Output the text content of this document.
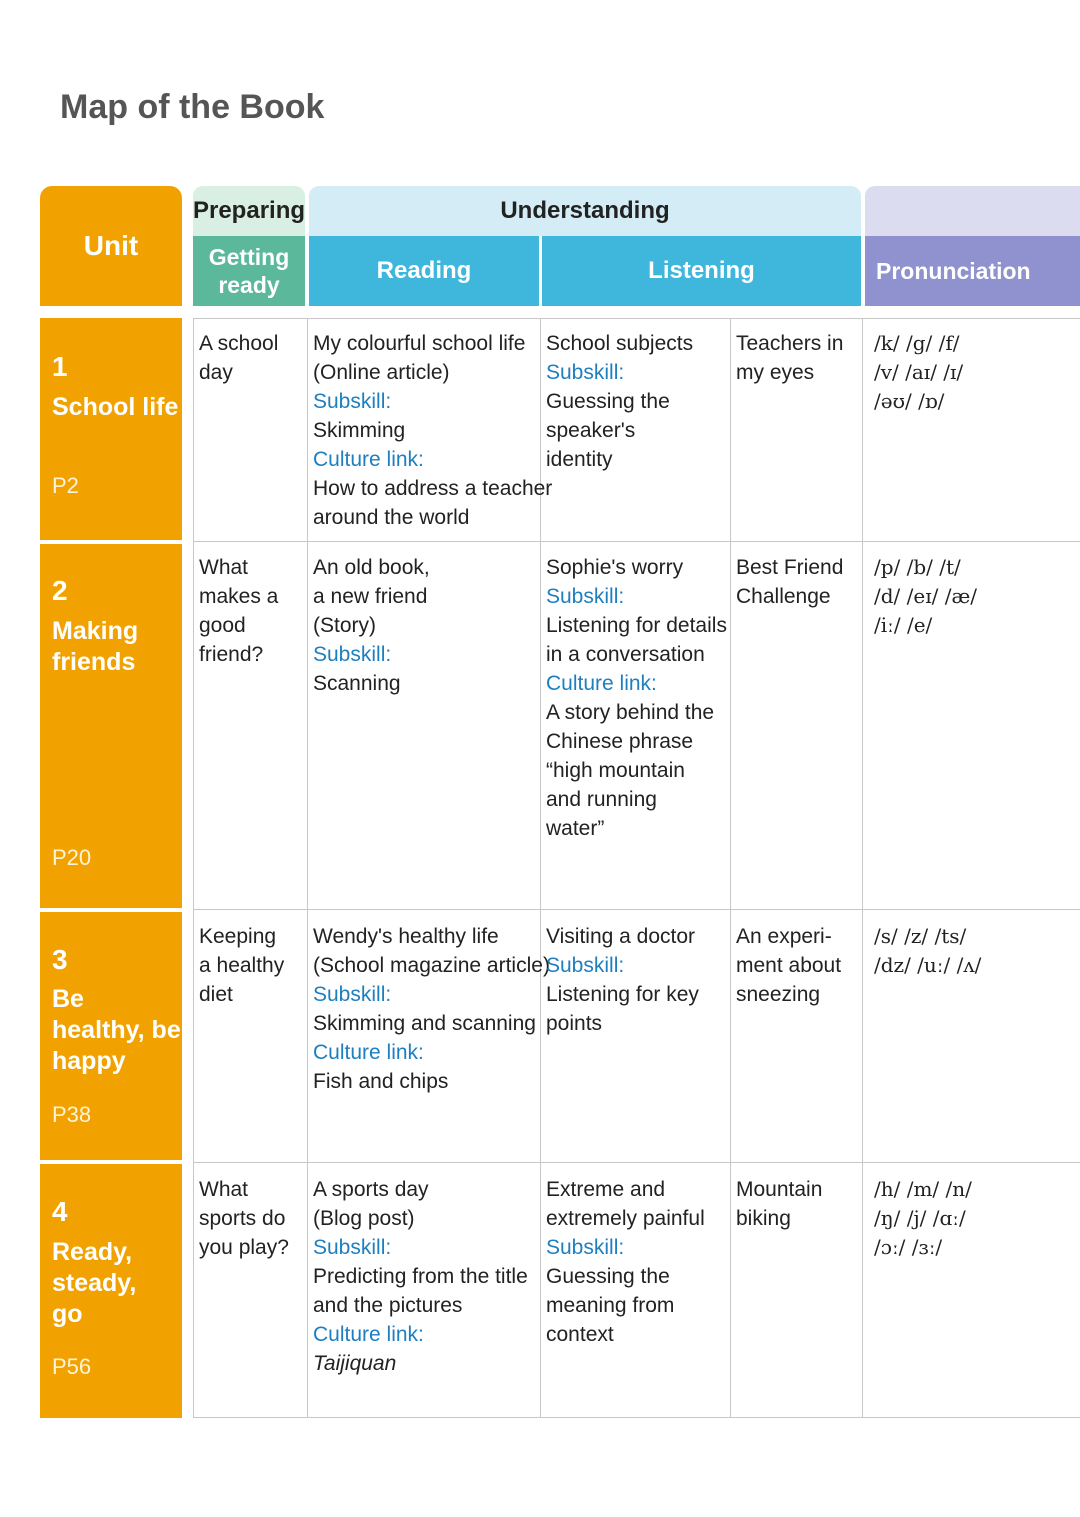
Map of the Book
Unit
Preparing
Getting ready
Understanding
Reading	Listening	Pronunciation
1
School life
P2
2
Making friends
P20
3
Be healthy, be happy
P38
4
Ready, steady, go
P56
A school
day
My colourful school life
(Online article)
Subskill:
Skimming
Culture link:
How to address a teacher
around the world
School subjects
Subskill:
Guessing the
speaker's
identity
Teachers in
my eyes
/k/ /g/ /f/
/v/ /aɪ/ /ɪ/
/əʊ/ /ɒ/
What
makes a
good
friend?
An old book,
a new friend
(Story)
Subskill:
Scanning
Sophie's worry
Subskill:
Listening for details
in a conversation
Culture link:
A story behind the
Chinese phrase
“high mountain
and running
water”
Best Friend
Challenge
/p/ /b/ /t/
/d/ /eɪ/ /æ/
/iː/ /e/
Keeping
a healthy
diet
Wendy's healthy life
(School magazine article)
Subskill:
Skimming and scanning
Culture link:
Fish and chips
Visiting a doctor
Subskill:
Listening for key
points
An experi-
ment about
sneezing
/s/ /z/ /ts/
/dz/ /uː/ /ʌ/
What
sports do
you play?
A sports day
(Blog post)
Subskill:
Predicting from the title
and the pictures
Culture link:
Taijiquan
Extreme and
extremely painful
Subskill:
Guessing the
meaning from
context
Mountain
biking
/h/ /m/ /n/
/ŋ/ /j/ /ɑː/
/ɔː/ /ɜː/
